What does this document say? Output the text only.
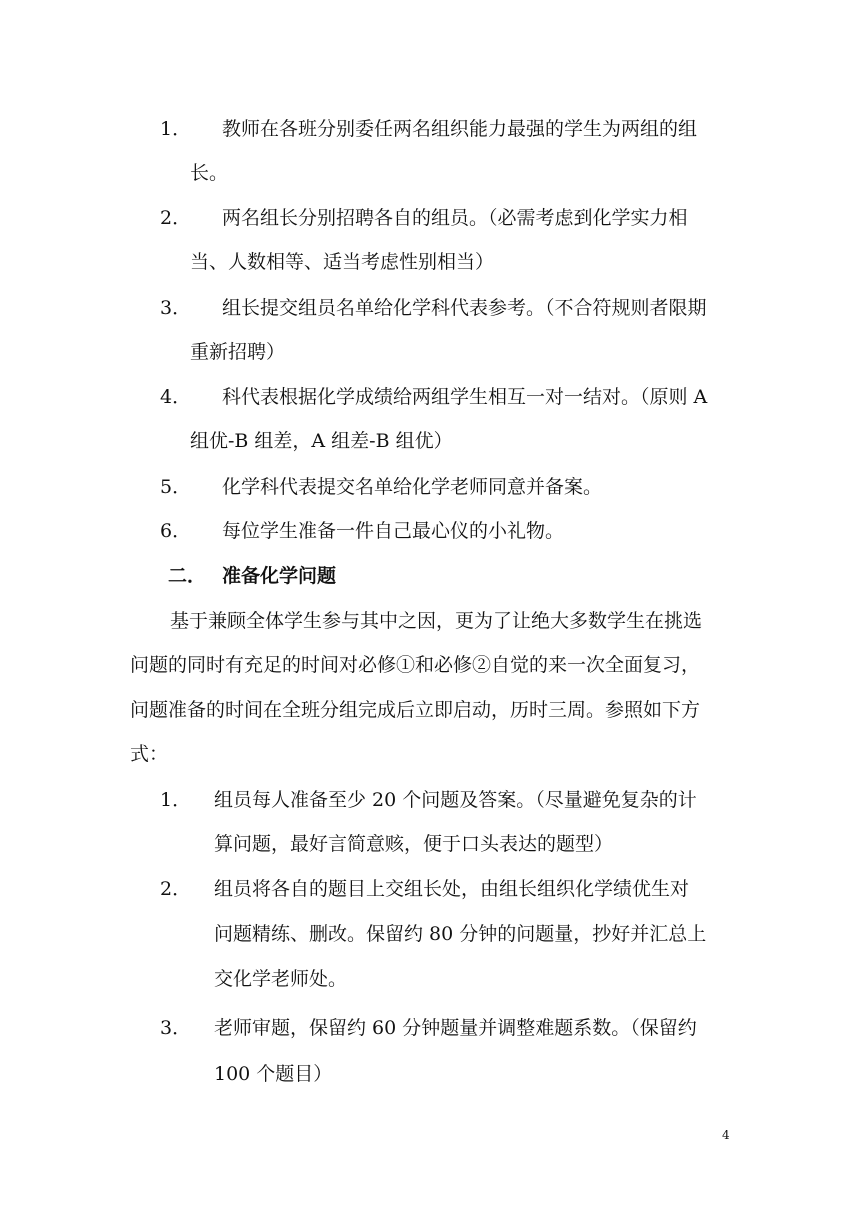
1． 教师在各班分别委任两名组织能力最强的学生为两组的组
长。
2． 两名组长分别招聘各自的组员。（必需考虑到化学实力相
当、人数相等、适当考虑性别相当）
3． 组长提交组员名单给化学科代表参考。（不合符规则者限期
重新招聘）
4． 科代表根据化学成绩给两组学生相互一对一结对。（原则 A
组优-B 组差，A 组差-B 组优）
5． 化学科代表提交名单给化学老师同意并备案。
6． 每位学生准备一件自己最心仪的小礼物。
二． 准备化学问题
基于兼顾全体学生参与其中之因，更为了让绝大多数学生在挑选
问题的同时有充足的时间对必修①和必修②自觉的来一次全面复习，
问题准备的时间在全班分组完成后立即启动，历时三周。参照如下方
式：
1． 组员每人准备至少 20 个问题及答案。（尽量避免复杂的计
算问题，最好言简意赅，便于口头表达的题型）
2． 组员将各自的题目上交组长处，由组长组织化学绩优生对
问题精练、删改。保留约 80 分钟的问题量，抄好并汇总上
交化学老师处。
3． 老师审题，保留约 60 分钟题量并调整难题系数。（保留约
100 个题目）
4
